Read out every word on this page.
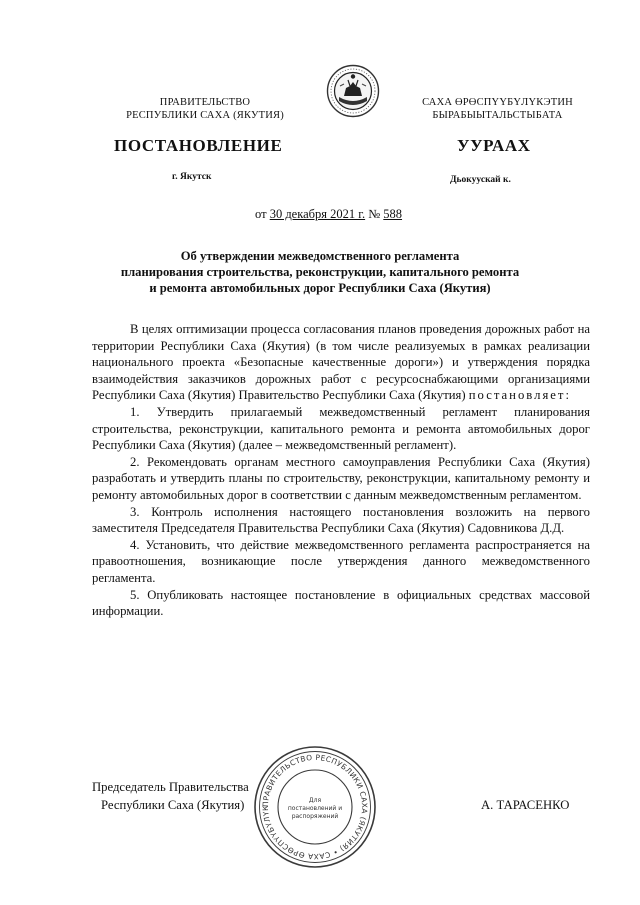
ПРАВИТЕЛЬСТВО
РЕСПУБЛИКИ САХА (ЯКУТИЯ)
САХА ӨРӨСПҮҮБҮЛҮКЭТИН
БЫРАБЫЫТАЛЬСТЫБАТА
ПОСТАНОВЛЕНИЕ	УУРААХ
г. Якутск	Дьокуускай к.
от 30 декабря 2021 г. № 588
Об утверждении межведомственного регламента
планирования строительства, реконструкции, капитального ремонта
и ремонта автомобильных дорог Республики Саха (Якутия)

В целях оптимизации процесса согласования планов проведения дорожных работ на территории Республики Саха (Якутия) (в том числе реализуемых в рамках реализации национального проекта «Безопасные качественные дороги») и утверждения порядка взаимодействия заказчиков дорожных работ с ресурсоснабжающими организациями Республики Саха (Якутия) Правительство Республики Саха (Якутия) постановляет:

1. Утвердить прилагаемый межведомственный регламент планирования строительства, реконструкции, капитального ремонта и ремонта автомобильных дорог Республики Саха (Якутия) (далее – межведомственный регламент).

2. Рекомендовать органам местного самоуправления Республики Саха (Якутия) разработать и утвердить планы по строительству, реконструкции, капитальному ремонту и ремонту автомобильных дорог в соответствии с данным межведомственным регламентом.

3. Контроль исполнения настоящего постановления возложить на первого заместителя Председателя Правительства Республики Саха (Якутия) Садовникова Д.Д.

4. Установить, что действие межведомственного регламента распространяется на правоотношения, возникающие после утверждения данного межведомственного регламента.

5. Опубликовать настоящее постановление в официальных средствах массовой информации.

Председатель Правительства
Республики Саха (Якутия)	А. ТАРАСЕНКО
ПРАВИТЕЛЬСТВО РЕСПУБЛИКИ САХА (ЯКУТИЯ) • САХА ӨРӨСПҮҮБҮЛҮК
Для
постановлений и
распоряжений
